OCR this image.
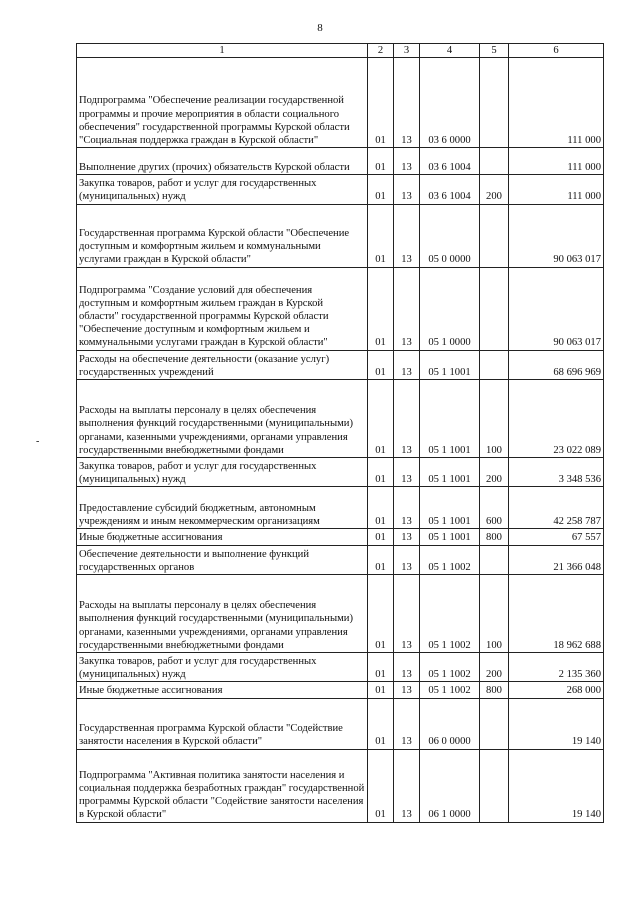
8
-
1	2	3	4	5	6
Подпрограмма "Обеспечение реализации государственной программы и прочие мероприятия в области социального обеспечения" государственной программы Курской области "Социальная поддержка граждан в Курской области"	01	13	03 6 0000		111 000
Выполнение других (прочих) обязательств Курской области	01	13	03 6 1004		111 000
Закупка товаров, работ и услуг для государственных (муниципальных) нужд	01	13	03 6 1004	200	111 000
Государственная программа Курской области "Обеспечение доступным и комфортным жильем и коммунальными услугами граждан в Курской области"	01	13	05 0 0000		90 063 017
Подпрограмма "Создание условий для обеспечения доступным и комфортным жильем граждан в Курской области" государственной программы Курской области "Обеспечение доступным и комфортным жильем и коммунальными услугами граждан в Курской области"	01	13	05 1 0000		90 063 017
Расходы на обеспечение деятельности (оказание услуг) государственных учреждений	01	13	05 1 1001		68 696 969
Расходы на выплаты персоналу в целях обеспечения выполнения функций государственными (муниципальными) органами, казенными учреждениями, органами управления государственными внебюджетными фондами	01	13	05 1 1001	100	23 022 089
Закупка товаров, работ и услуг для государственных (муниципальных) нужд	01	13	05 1 1001	200	3 348 536
Предоставление субсидий бюджетным, автономным учреждениям и иным некоммерческим организациям	01	13	05 1 1001	600	42 258 787
Иные бюджетные ассигнования	01	13	05 1 1001	800	67 557
Обеспечение деятельности и выполнение функций государственных органов	01	13	05 1 1002		21 366 048
Расходы на выплаты персоналу в целях обеспечения выполнения функций государственными (муниципальными) органами, казенными учреждениями, органами управления государственными внебюджетными фондами	01	13	05 1 1002	100	18 962 688
Закупка товаров, работ и услуг для государственных (муниципальных) нужд	01	13	05 1 1002	200	2 135 360
Иные бюджетные ассигнования	01	13	05 1 1002	800	268 000
Государственная программа Курской области "Содействие занятости населения в Курской области"	01	13	06 0 0000		19 140
Подпрограмма "Активная политика занятости населения и социальная поддержка безработных граждан" государственной программы Курской области "Содействие занятости населения в Курской области"	01	13	06 1 0000		19 140
